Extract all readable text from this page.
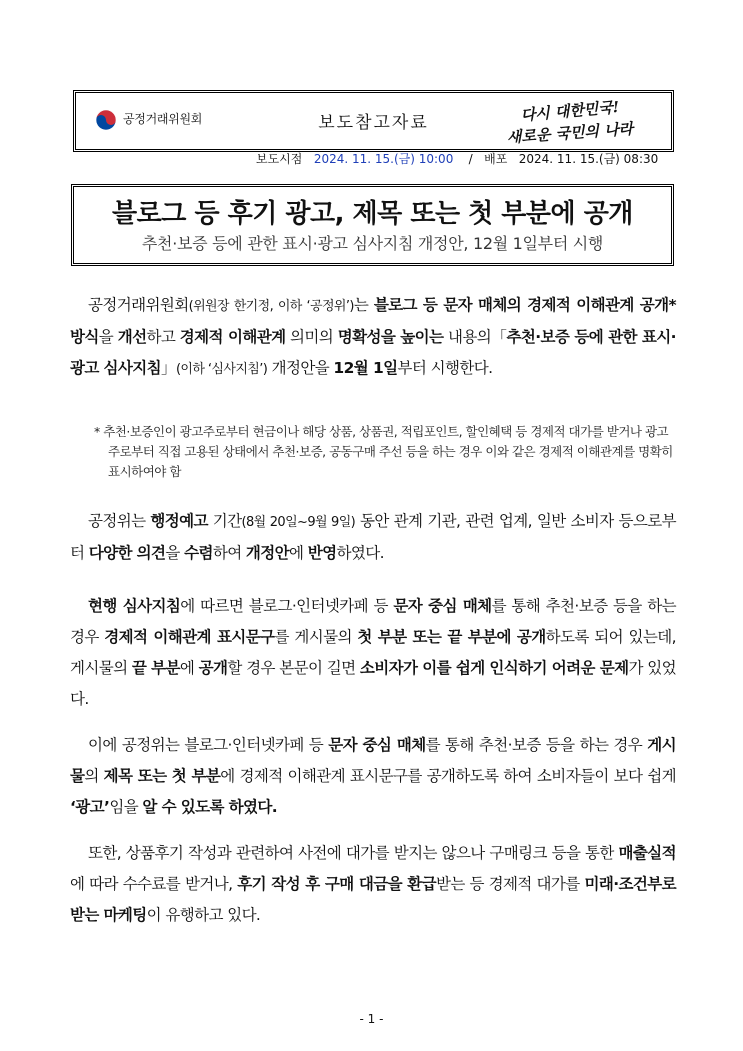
공정거래위원회	보도참고자료	다시 대한민국!
새로운 국민의 나라
보도시점 2024. 11. 15.(금) 10:00 / 배포 2024. 11. 15.(금) 08:30
블로그 등 후기 광고, 제목 또는 첫 부분에 공개
추천·보증 등에 관한 표시·광고 심사지침 개정안, 12월 1일부터 시행

공정거래위원회(위원장 한기정, 이하 ‘공정위’)는 블로그 등 문자 매체의 경제적 이해관계 공개* 방식을 개선하고 경제적 이해관계 의미의 명확성을 높이는 내용의「추천·보증 등에 관한 표시·광고 심사지침」(이하 ‘심사지침’) 개정안을 12월 1일부터 시행한다.

* 추천·보증인이 광고주로부터 현금이나 해당 상품, 상품권, 적립포인트, 할인혜택 등 경제적 대가를 받거나 광고주로부터 직접 고용된 상태에서 추천·보증, 공동구매 주선 등을 하는 경우 이와 같은 경제적 이해관계를 명확히 표시하여야 함

공정위는 행정예고 기간(8월 20일~9월 9일) 동안 관계 기관, 관련 업계, 일반 소비자 등으로부터 다양한 의견을 수렴하여 개정안에 반영하였다.

현행 심사지침에 따르면 블로그·인터넷카페 등 문자 중심 매체를 통해 추천·보증 등을 하는 경우 경제적 이해관계 표시문구를 게시물의 첫 부분 또는 끝 부분에 공개하도록 되어 있는데, 게시물의 끝 부분에 공개할 경우 본문이 길면 소비자가 이를 쉽게 인식하기 어려운 문제가 있었다.

이에 공정위는 블로그·인터넷카페 등 문자 중심 매체를 통해 추천·보증 등을 하는 경우 게시물의 제목 또는 첫 부분에 경제적 이해관계 표시문구를 공개하도록 하여 소비자들이 보다 쉽게 ‘광고’임을 알 수 있도록 하였다.

또한, 상품후기 작성과 관련하여 사전에 대가를 받지는 않으나 구매링크 등을 통한 매출실적에 따라 수수료를 받거나, 후기 작성 후 구매 대금을 환급받는 등 경제적 대가를 미래·조건부로 받는 마케팅이 유행하고 있다.

- 1 -
